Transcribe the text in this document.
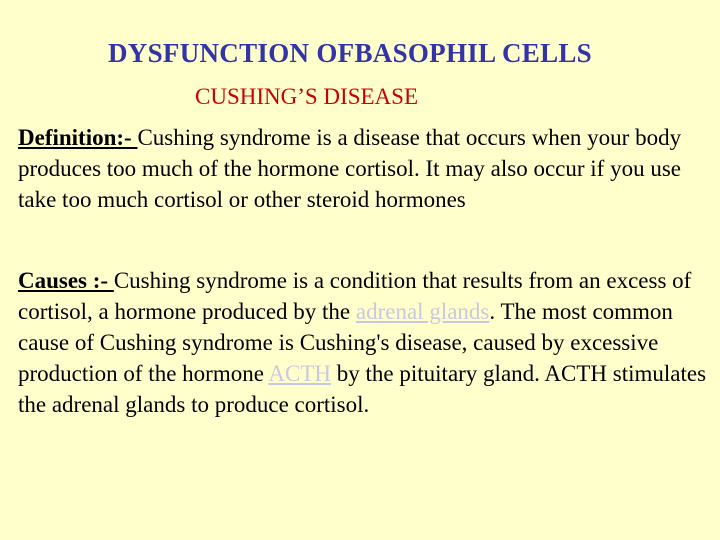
DYSFUNCTION OFBASOPHIL CELLS
CUSHING’S DISEASE

Definition:- Cushing syndrome is a disease that occurs when your body produces too much of the hormone cortisol. It may also occur if you use take too much cortisol or other steroid hormones

Causes :- Cushing syndrome is a condition that results from an excess of cortisol, a hormone produced by the adrenal glands. The most common cause of Cushing syndrome is Cushing's disease, caused by excessive production of the hormone ACTH by the pituitary gland. ACTH stimulates the adrenal glands to produce cortisol.
